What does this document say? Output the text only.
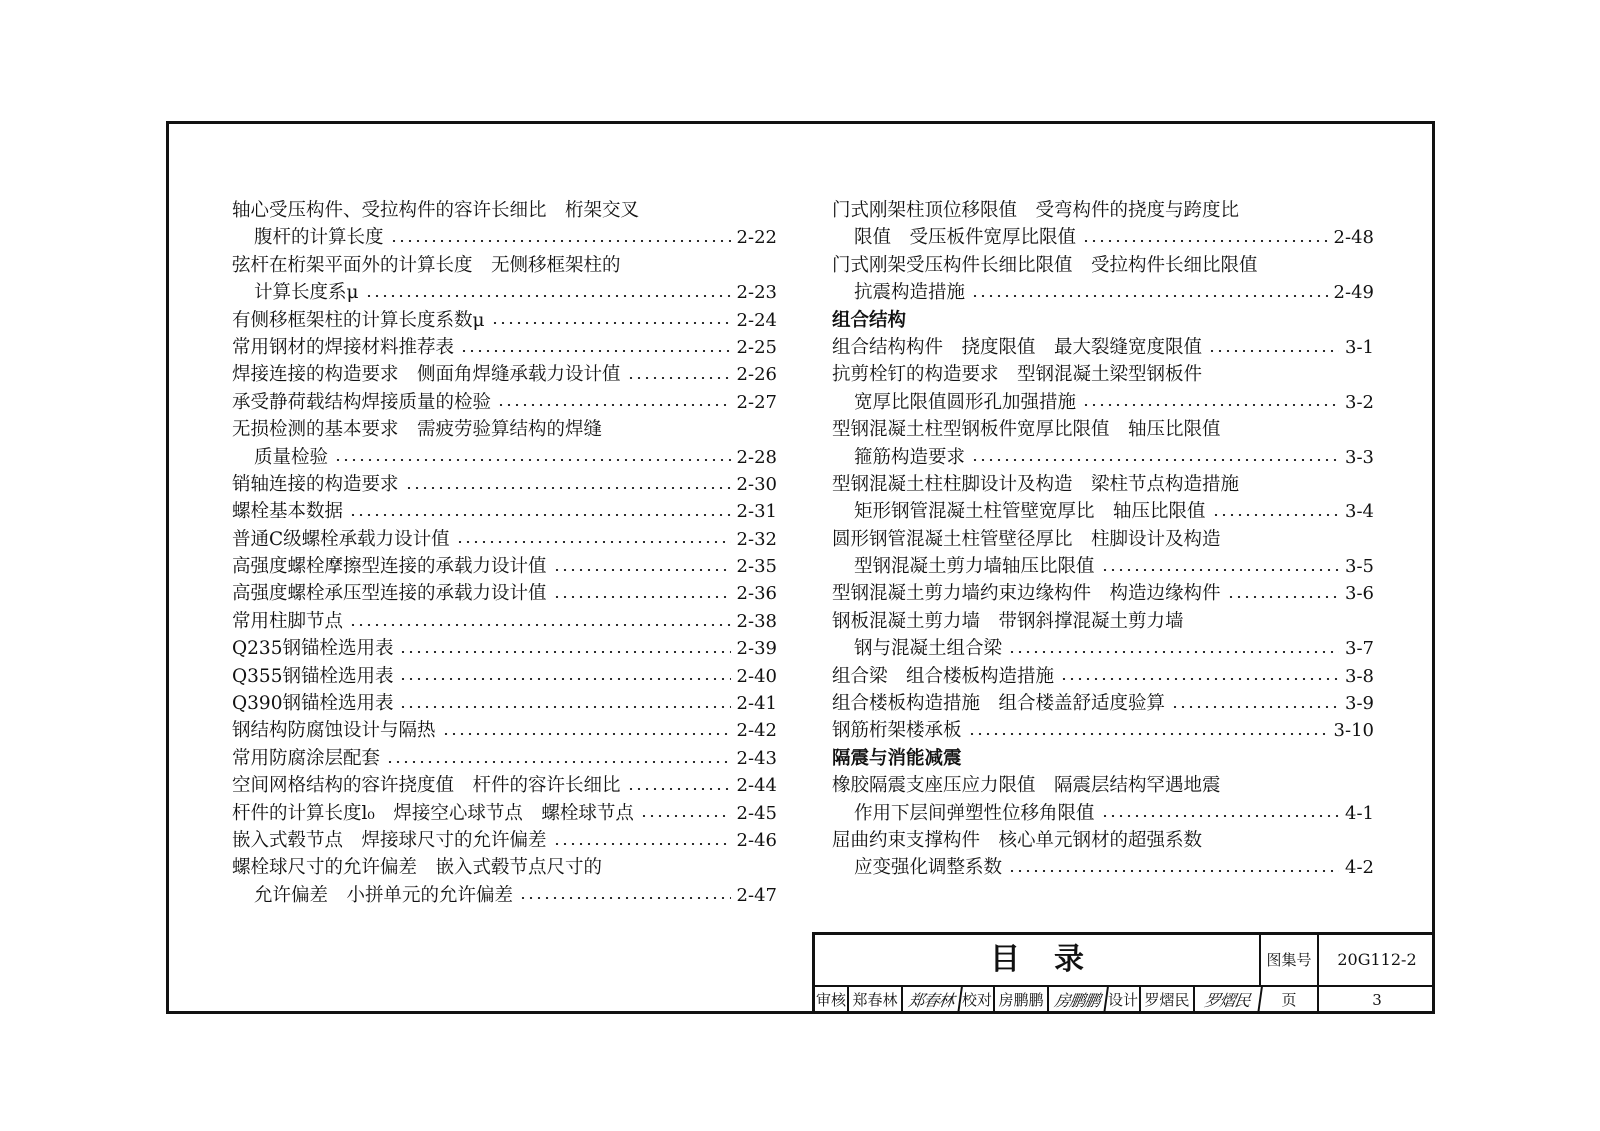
轴心受压构件、受拉构件的容许长细比　桁架交叉
腹杆的计算长度	2-22
弦杆在桁架平面外的计算长度　无侧移框架柱的
计算长度系μ	2-23
有侧移框架柱的计算长度系数μ	2-24
常用钢材的焊接材料推荐表	2-25
焊接连接的构造要求　侧面角焊缝承载力设计值	2-26
承受静荷载结构焊接质量的检验	2-27
无损检测的基本要求　需疲劳验算结构的焊缝
质量检验	2-28
销轴连接的构造要求	2-30
螺栓基本数据	2-31
普通C级螺栓承载力设计值	2-32
高强度螺栓摩擦型连接的承载力设计值	2-35
高强度螺栓承压型连接的承载力设计值	2-36
常用柱脚节点	2-38
Q235钢锚栓选用表	2-39
Q355钢锚栓选用表	2-40
Q390钢锚栓选用表	2-41
钢结构防腐蚀设计与隔热	2-42
常用防腐涂层配套	2-43
空间网格结构的容许挠度值　杆件的容许长细比	2-44
杆件的计算长度l₀　焊接空心球节点　螺栓球节点	2-45
嵌入式毂节点　焊接球尺寸的允许偏差	2-46
螺栓球尺寸的允许偏差　嵌入式毂节点尺寸的
允许偏差　小拼单元的允许偏差	2-47
门式刚架柱顶位移限值　受弯构件的挠度与跨度比
限值　受压板件宽厚比限值	2-48
门式刚架受压构件长细比限值　受拉构件长细比限值
抗震构造措施	2-49
组合结构
组合结构构件　挠度限值　最大裂缝宽度限值	3-1
抗剪栓钉的构造要求　型钢混凝土梁型钢板件
宽厚比限值圆形孔加强措施	3-2
型钢混凝土柱型钢板件宽厚比限值　轴压比限值
箍筋构造要求	3-3
型钢混凝土柱柱脚设计及构造　梁柱节点构造措施
矩形钢管混凝土柱管壁宽厚比　轴压比限值	3-4
圆形钢管混凝土柱管壁径厚比　柱脚设计及构造
型钢混凝土剪力墙轴压比限值	3-5
型钢混凝土剪力墙约束边缘构件　构造边缘构件	3-6
钢板混凝土剪力墙　带钢斜撑混凝土剪力墙
钢与混凝土组合梁	3-7
组合梁　组合楼板构造措施	3-8
组合楼板构造措施　组合楼盖舒适度验算	3-9
钢筋桁架楼承板	3-10
隔震与消能减震
橡胶隔震支座压应力限值　隔震层结构罕遇地震
作用下层间弹塑性位移角限值	4-1
屈曲约束支撑构件　核心单元钢材的超强系数
应变强化调整系数	4-2
目录	图集号	20G112-2
审核 郑春林 郑春林 校对 房鹏鹏 房鹏鹏 设计 罗熠民 罗熠民	页	3
